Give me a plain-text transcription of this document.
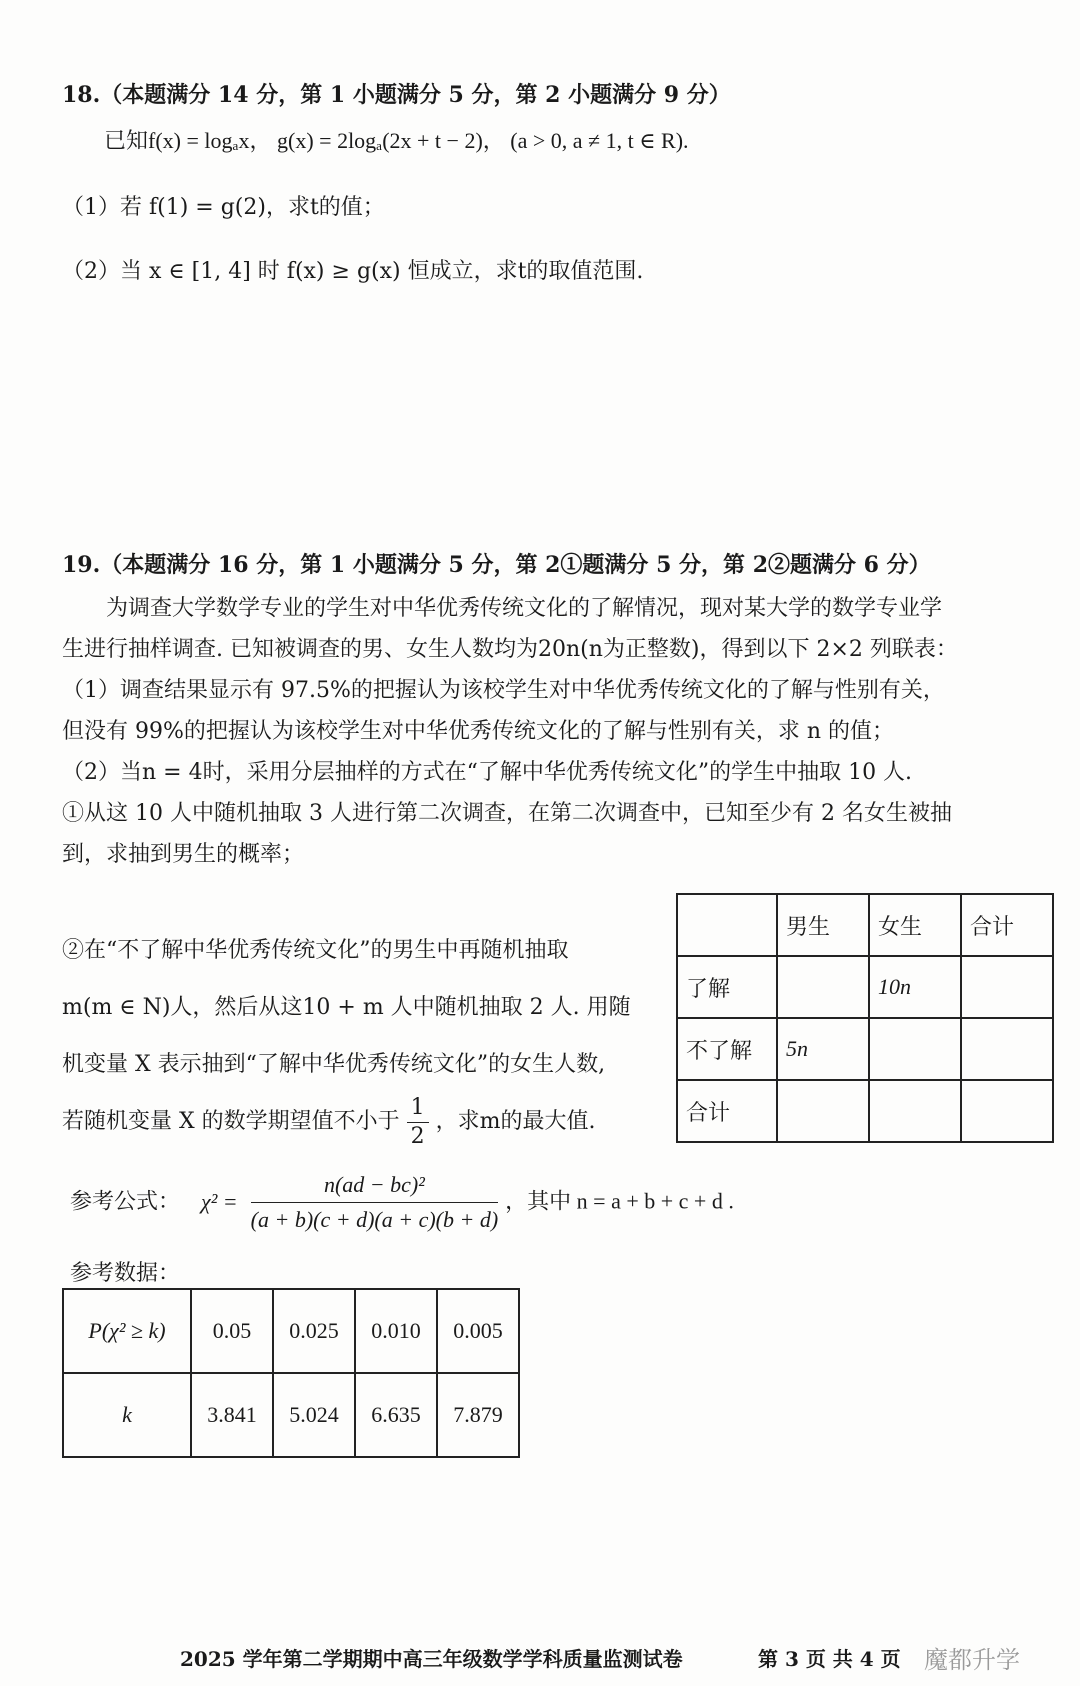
18.（本题满分 14 分，第 1 小题满分 5 分，第 2 小题满分 9 分）
已知f(x) = logₐx， g(x) = 2logₐ(2x + t − 2)， (a > 0, a ≠ 1, t ∈ R).
（1）若 f(1) = g(2)，求t的值；
（2）当 x ∈ [1, 4] 时 f(x) ≥ g(x) 恒成立，求t的取值范围.
19.（本题满分 16 分，第 1 小题满分 5 分，第 2①题满分 5 分，第 2②题满分 6 分）
　　为调查大学数学专业的学生对中华优秀传统文化的了解情况，现对某大学的数学专业学
生进行抽样调查. 已知被调查的男、女生人数均为20n(n为正整数)，得到以下 2×2 列联表：
（1）调查结果显示有 97.5%的把握认为该校学生对中华优秀传统文化的了解与性别有关，
但没有 99%的把握认为该校学生对中华优秀传统文化的了解与性别有关，求 n 的值；
（2）当n = 4时，采用分层抽样的方式在“了解中华优秀传统文化”的学生中抽取 10 人.
①从这 10 人中随机抽取 3 人进行第二次调查，在第二次调查中，已知至少有 2 名女生被抽
到，求抽到男生的概率；
②在“不了解中华优秀传统文化”的男生中再随机抽取
m(m ∈ N)人，然后从这10 + m 人中随机抽取 2 人. 用随
机变量 X 表示抽到“了解中华优秀传统文化”的女生人数,
若随机变量 X 的数学期望值不小于 $\frac{1}{2}$ ，求m的最大值.
	男生	女生	合计
了解		10n	
不了解	5n		
合计			
参考公式： $\chi^2 = \frac{\text{n(ad − bc)²}}{(a + b)(c + d)(a + c)(b + d)}$ ，其中 n = a + b + c + d .
参考数据：
P(χ² ≥ k)	0.05	0.025	0.010	0.005
k	3.841	5.024	6.635	7.879
2025 学年第二学期期中高三年级数学学科质量监测试卷	第 3 页 共 4 页 魔都升学
